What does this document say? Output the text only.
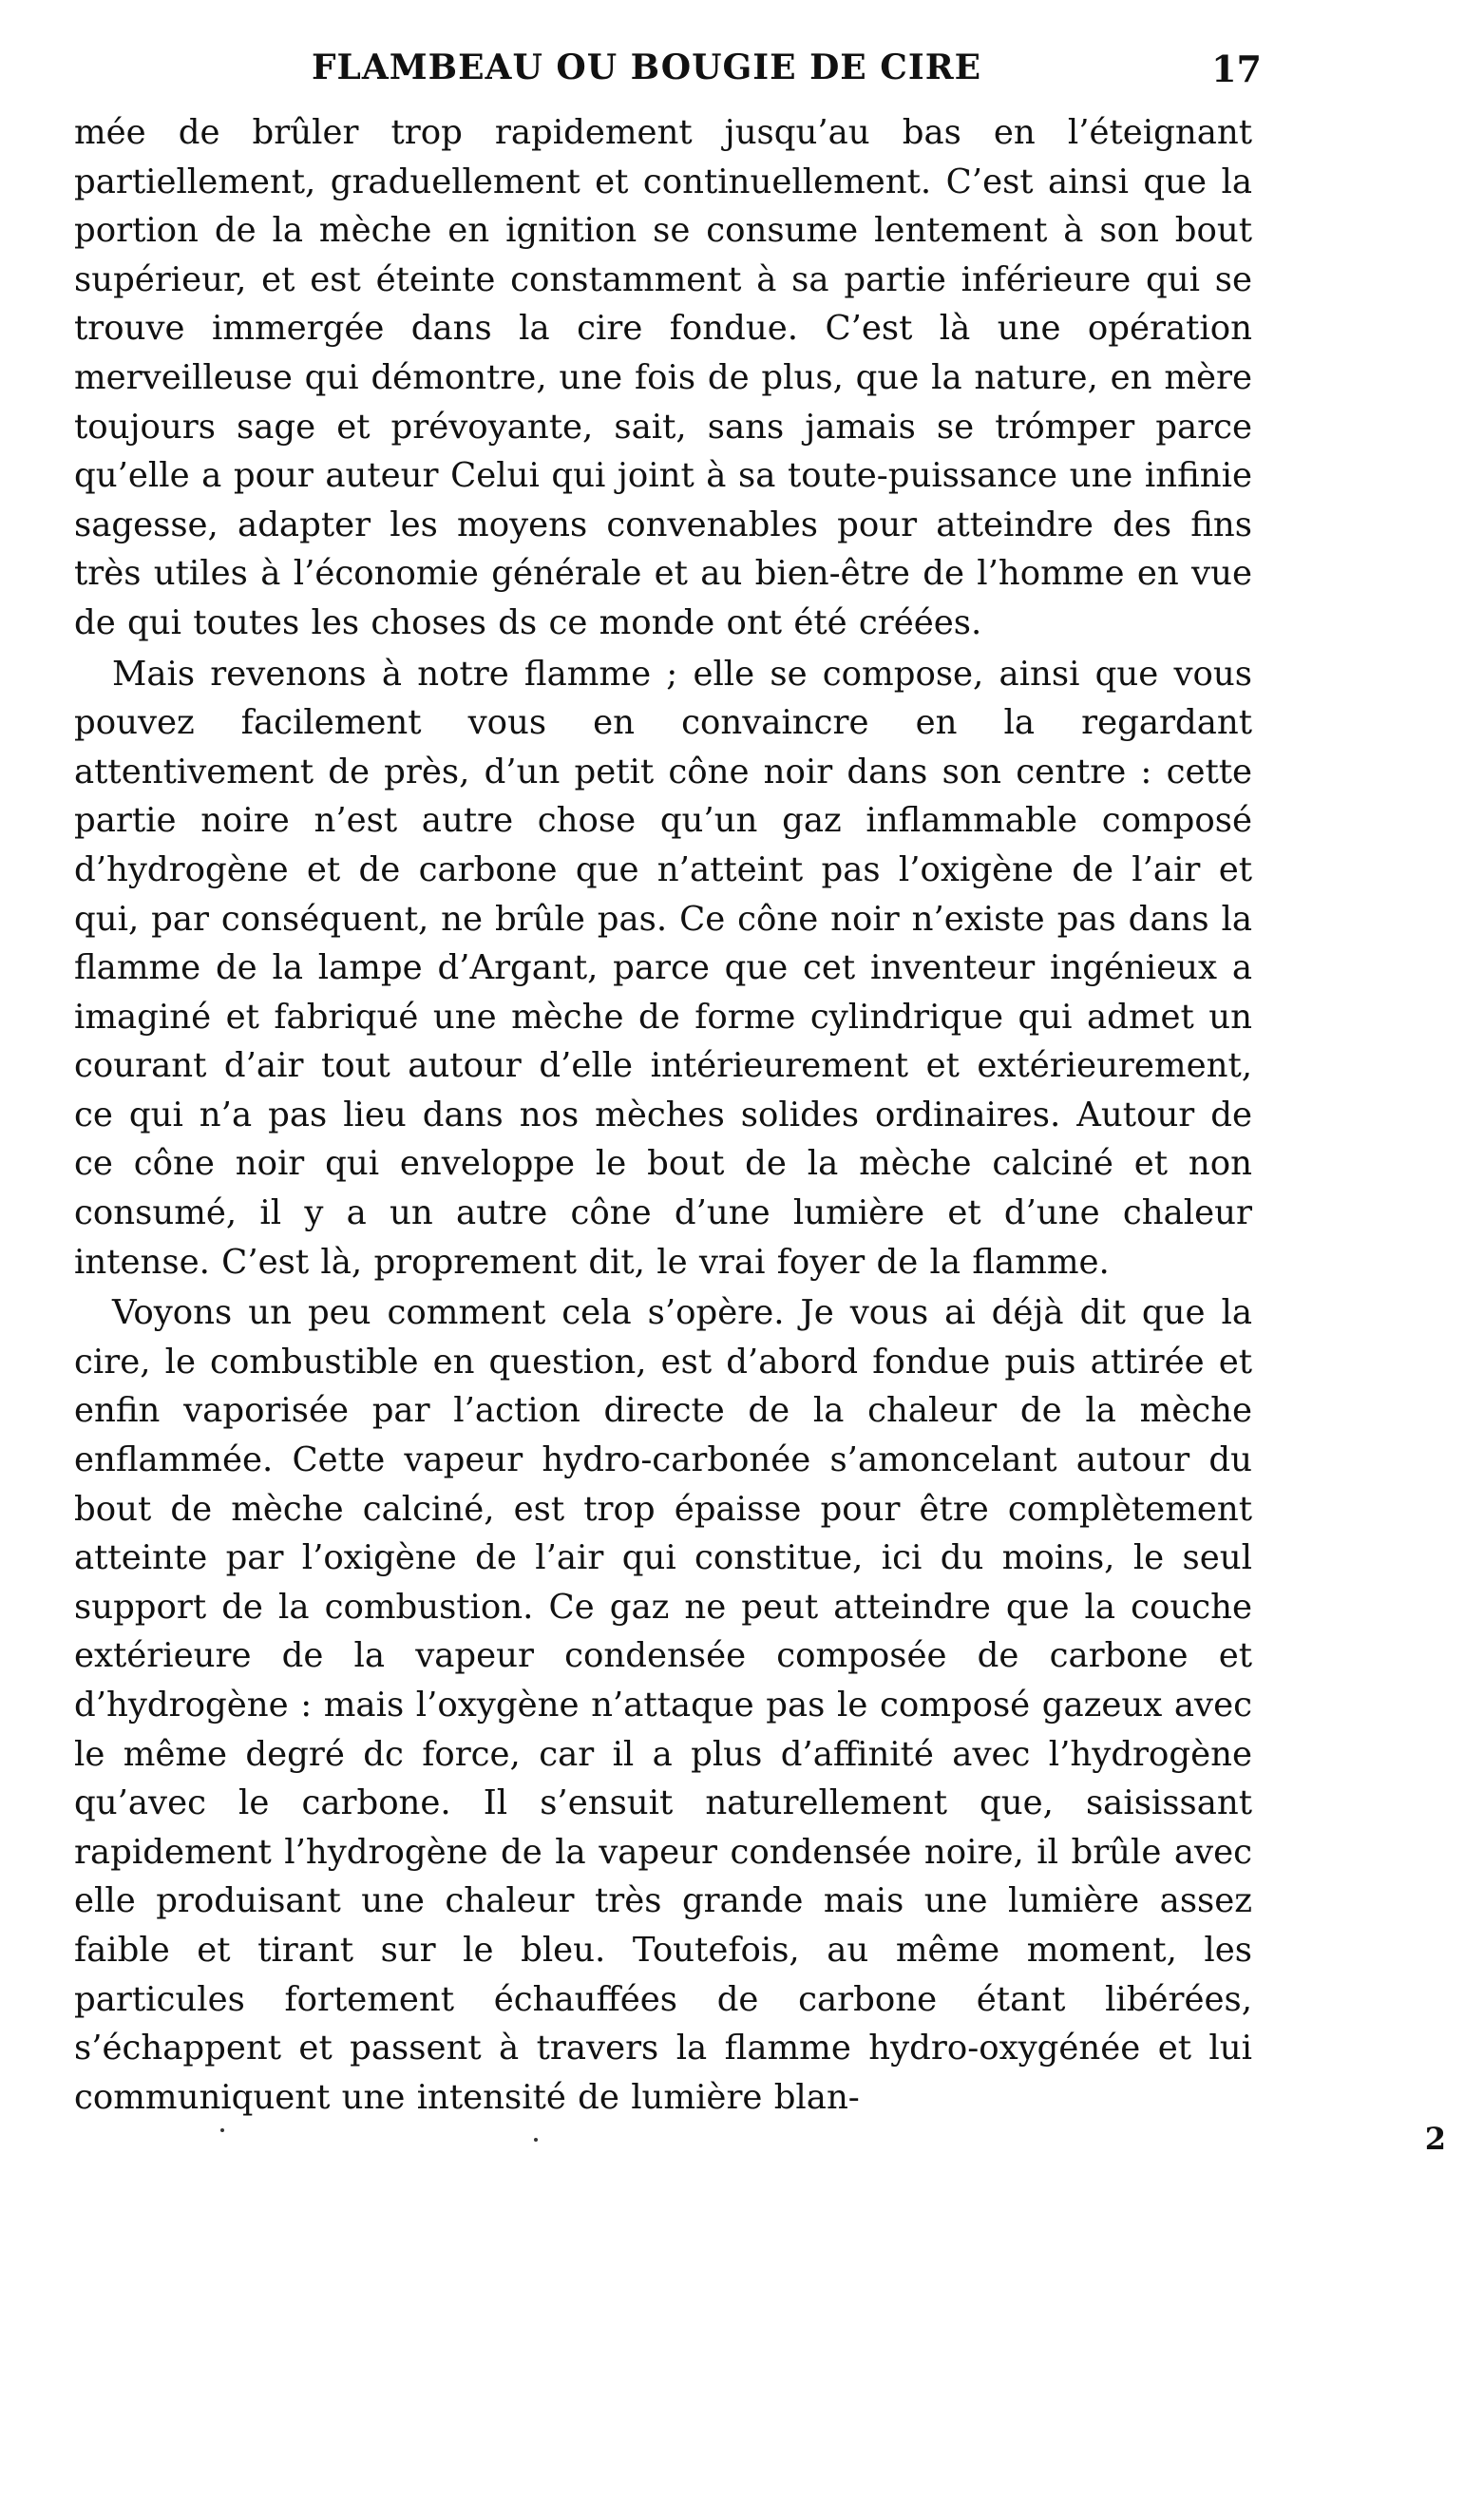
FLAMBEAU OU BOUGIE DE CIRE	17

mée de brûler trop rapidement jusqu’au bas en l’éteignant partiellement, graduellement et continuellement. C’est ainsi que la portion de la mèche en ignition se consume lentement à son bout supérieur, et est éteinte constamment à sa partie inférieure qui se trouve immergée dans la cire fondue. C’est là une opération merveilleuse qui démontre, une fois de plus, que la nature, en mère toujours sage et prévoyante, sait, sans jamais se trómper parce qu’elle a pour auteur Celui qui joint à sa toute-puissance une infinie sagesse, adapter les moyens convenables pour atteindre des fins très utiles à l’économie générale et au bien-être de l’homme en vue de qui toutes les choses ds ce monde ont été créées.

Mais revenons à notre flamme ; elle se compose, ainsi que vous pouvez facilement vous en convaincre en la regardant attentivement de près, d’un petit cône noir dans son centre : cette partie noire n’est autre chose qu’un gaz inflammable composé d’hydrogène et de carbone que n’atteint pas l’oxigène de l’air et qui, par conséquent, ne brûle pas. Ce cône noir n’existe pas dans la flamme de la lampe d’Argant, parce que cet inventeur ingénieux a imaginé et fabriqué une mèche de forme cylindrique qui admet un courant d’air tout autour d’elle intérieurement et extérieurement, ce qui n’a pas lieu dans nos mèches solides ordinaires. Autour de ce cône noir qui enveloppe le bout de la mèche calciné et non consumé, il y a un autre cône d’une lumière et d’une chaleur intense. C’est là, proprement dit, le vrai foyer de la flamme.

Voyons un peu comment cela s’opère. Je vous ai déjà dit que la cire, le combustible en question, est d’abord fondue puis attirée et enfin vaporisée par l’action directe de la chaleur de la mèche enflammée. Cette vapeur hydro-carbonée s’amoncelant autour du bout de mèche calciné, est trop épaisse pour être complètement atteinte par l’oxigène de l’air qui constitue, ici du moins, le seul support de la combustion. Ce gaz ne peut atteindre que la couche extérieure de la vapeur condensée composée de carbone et d’hydrogène : mais l’oxygène n’attaque pas le composé gazeux avec le même degré dc force, car il a plus d’affinité avec l’hydrogène qu’avec le carbone. Il s’ensuit naturellement que, saisissant rapidement l’hydrogène de la vapeur condensée noire, il brûle avec elle produisant une chaleur très grande mais une lumière assez faible et tirant sur le bleu. Toutefois, au même moment, les particules fortement échauffées de carbone étant libérées, s’échappent et passent à travers la flamme hydro-oxygénée et lui communiquent une intensité de lumière blan-

2
